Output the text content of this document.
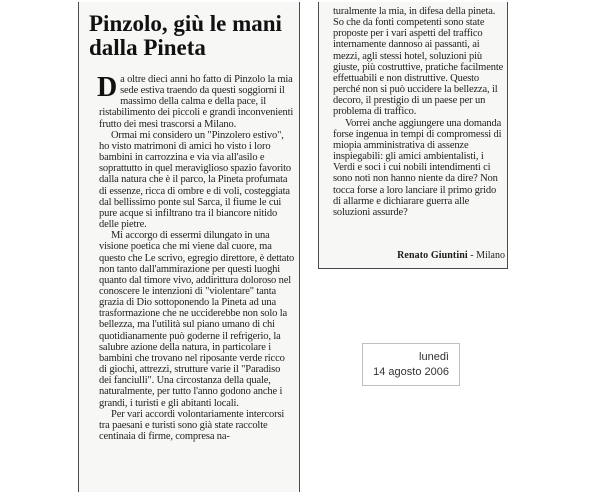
Pinzolo, giù le mani
dalla Pineta

Da oltre dieci anni ho fatto di Pinzolo la mia sede estiva traendo da questi soggiorni il massimo della calma e della pace, il ristabilimento dei piccoli e grandi inconvenienti frutto dei mesi trascorsi a Milano.

Ormai mi considero un "Pinzolero estivo", ho visto matrimoni di amici ho visto i loro bambini in carrozzina e via via all'asilo e soprattutto in quel meraviglioso spazio favorito dalla natura che è il parco, la Pineta profumata di essenze, ricca di ombre e di voli, costeggiata dal bellissimo ponte sul Sarca, il fiume le cui pure acque si infiltrano tra il biancore nitido delle pietre.

Mi accorgo di essermi dilungato in una visione poetica che mi viene dal cuore, ma questo che Le scrivo, egregio direttore, è dettato non tanto dall'ammirazione per questi luoghi quanto dal timore vivo, addirittura doloroso nel conoscere le intenzioni di "violentare" tanta grazia di Dio sottoponendo la Pineta ad una trasformazione che ne ucciderebbe non solo la bellezza, ma l'utilità sul piano umano di chi quotidianamente può goderne il refrigerio, la salubre azione della natura, in particolare i bambini che trovano nel riposante verde ricco di giochi, attrezzi, strutture varie il "Paradiso dei fanciulli". Una circostanza della quale, naturalmente, per tutto l'anno godono anche i grandi, i turisti e gli abitanti locali.

Per vari accordi volontariamente intercorsi tra paesani e turisti sono già state raccolte centinaia di firme, compresa na-

turalmente la mia, in difesa della pineta. So che da fonti competenti sono state proposte per i vari aspetti del traffico internamente dannoso ai passanti, ai mezzi, agli stessi hotel, soluzioni più giuste, più costruttive, pratiche facilmente effettuabili e non distruttive. Questo perché non si può uccidere la bellezza, il decoro, il prestigio di un paese per un problema di traffico.

Vorrei anche aggiungere una domanda forse ingenua in tempi di compromessi di miopia amministrativa di assenze inspiegabili: gli amici ambientalisti, i Verdi e soci i cui nobili intendimenti ci sono noti non hanno niente da dire? Non tocca forse a loro lanciare il primo grido di allarme e dichiarare guerra alle soluzioni assurde?

Renato Giuntini - Milano
lunedì
14 agosto 2006
